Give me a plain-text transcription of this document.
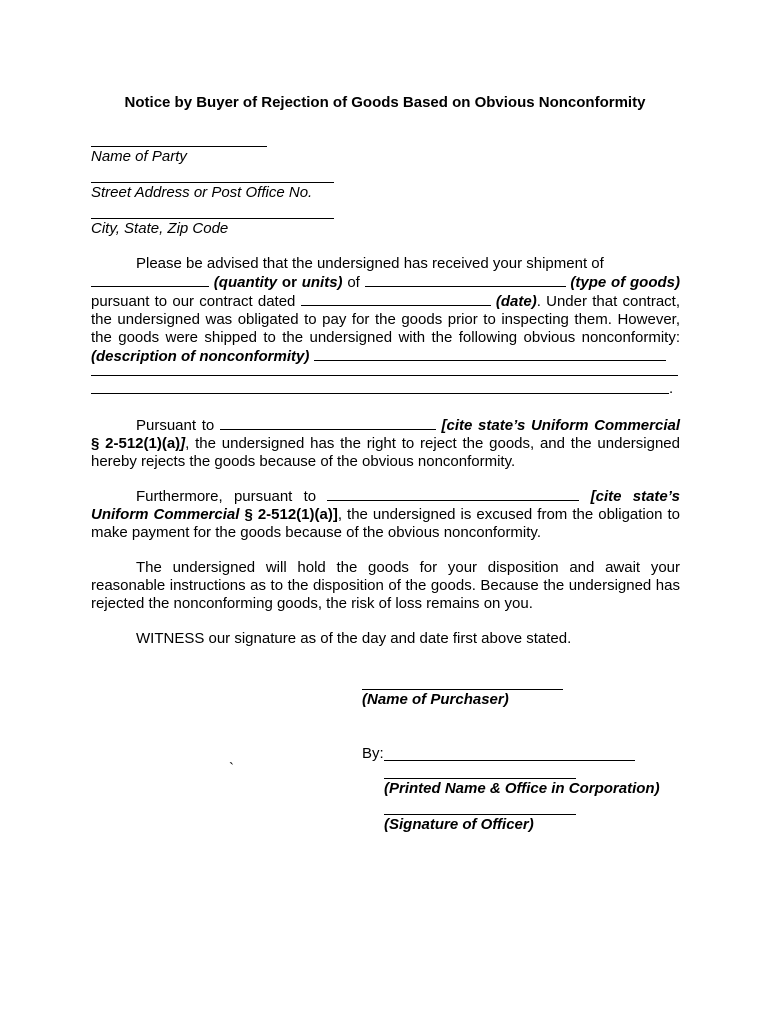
Notice by Buyer of Rejection of Goods Based on Obvious Nonconformity
Name of Party
Street Address or Post Office No.
City, State, Zip Code
Please be advised that the undersigned has received your shipment of
(quantity or units) of	(type of goods) pursuant to our contract dated	(date). Under that contract, the undersigned was obligated to pay for the goods prior to inspecting them. However, the goods were shipped to the undersigned with the following obvious nonconformity: (description of nonconformity)
.
Pursuant to	[cite state’s Uniform Commercial § 2-512(1)(a)], the undersigned has the right to reject the goods, and the undersigned hereby rejects the goods because of the obvious nonconformity.
Furthermore, pursuant to	[cite state’s Uniform Commercial § 2-512(1)(a)], the undersigned is excused from the obligation to make payment for the goods because of the obvious nonconformity.
The undersigned will hold the goods for your disposition and await your reasonable instructions as to the disposition of the goods. Because the undersigned has rejected the nonconforming goods, the risk of loss remains on you.
WITNESS our signature as of the day and date first above stated.
(Name of Purchaser)
By:
`
(Printed Name & Office in Corporation)
(Signature of Officer)
